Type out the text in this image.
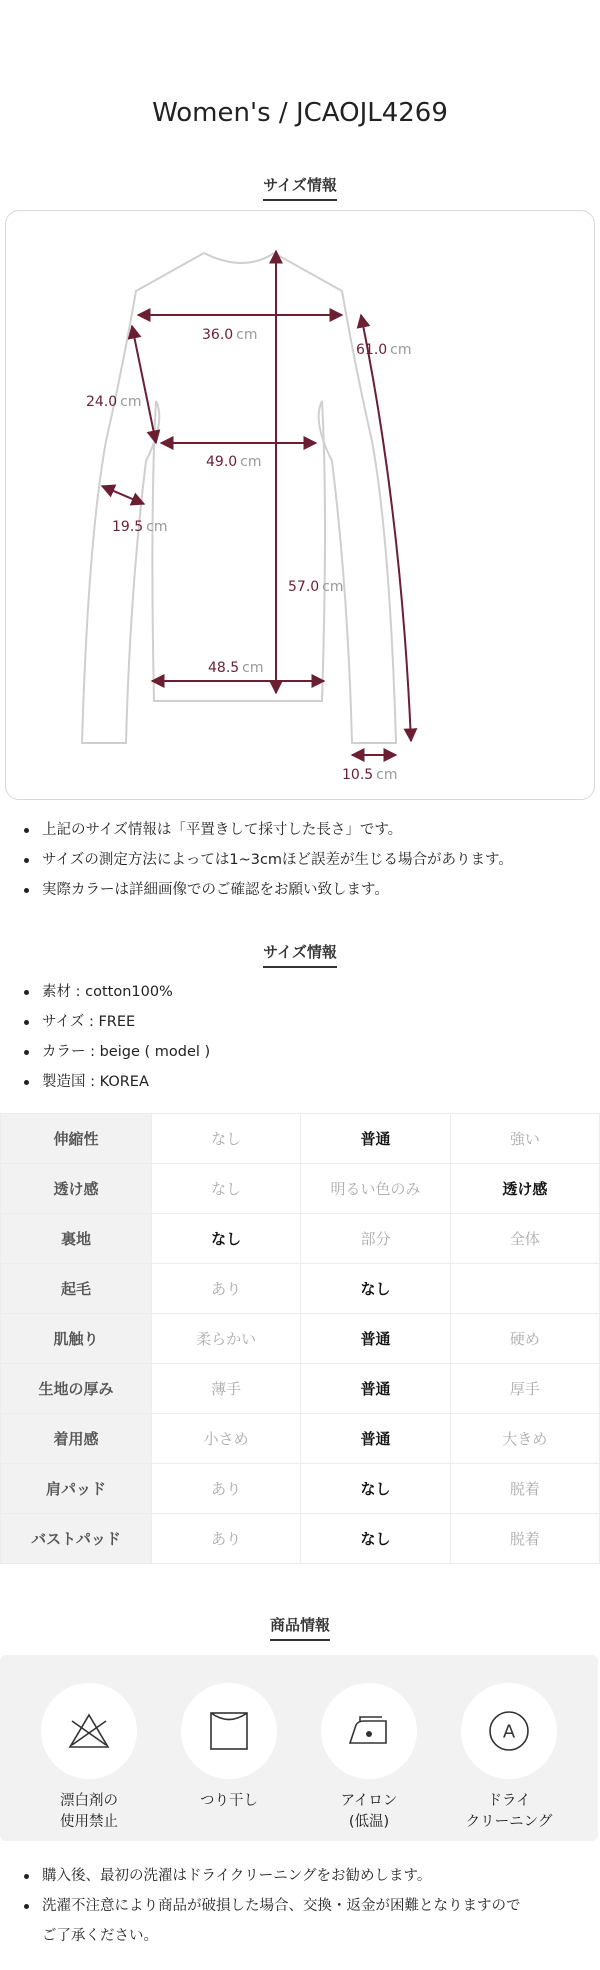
Women's / JCAOJL4269
サイズ情報
36.0 cm
61.0 cm
24.0 cm
49.0 cm
19.5 cm
57.0 cm
48.5 cm
10.5 cm
上記のサイズ情報は「平置きして採寸した長さ」です。
サイズの測定方法によっては1~3cmほど誤差が生じる場合があります。
実際カラーは詳細画像でのご確認をお願い致します。
サイズ情報
素材 : cotton100%
サイズ : FREE
カラー : beige ( model )
製造国 : KOREA
伸縮性	なし	普通	強い
透け感	なし	明るい色のみ	透け感
裏地	なし	部分	全体
起毛	あり	なし	
肌触り	柔らかい	普通	硬め
生地の厚み	薄手	普通	厚手
着用感	小さめ	普通	大きめ
肩パッド	あり	なし	脱着
バストパッド	あり	なし	脱着
商品情報
漂白剤の
使用禁止
つり干し	アイロン
(低温)
A
ドライ
クリーニング
購入後、最初の洗濯はドライクリーニングをお勧めします。
洗濯不注意により商品が破損した場合、交換・返金が困難となりますので
ご了承ください。
